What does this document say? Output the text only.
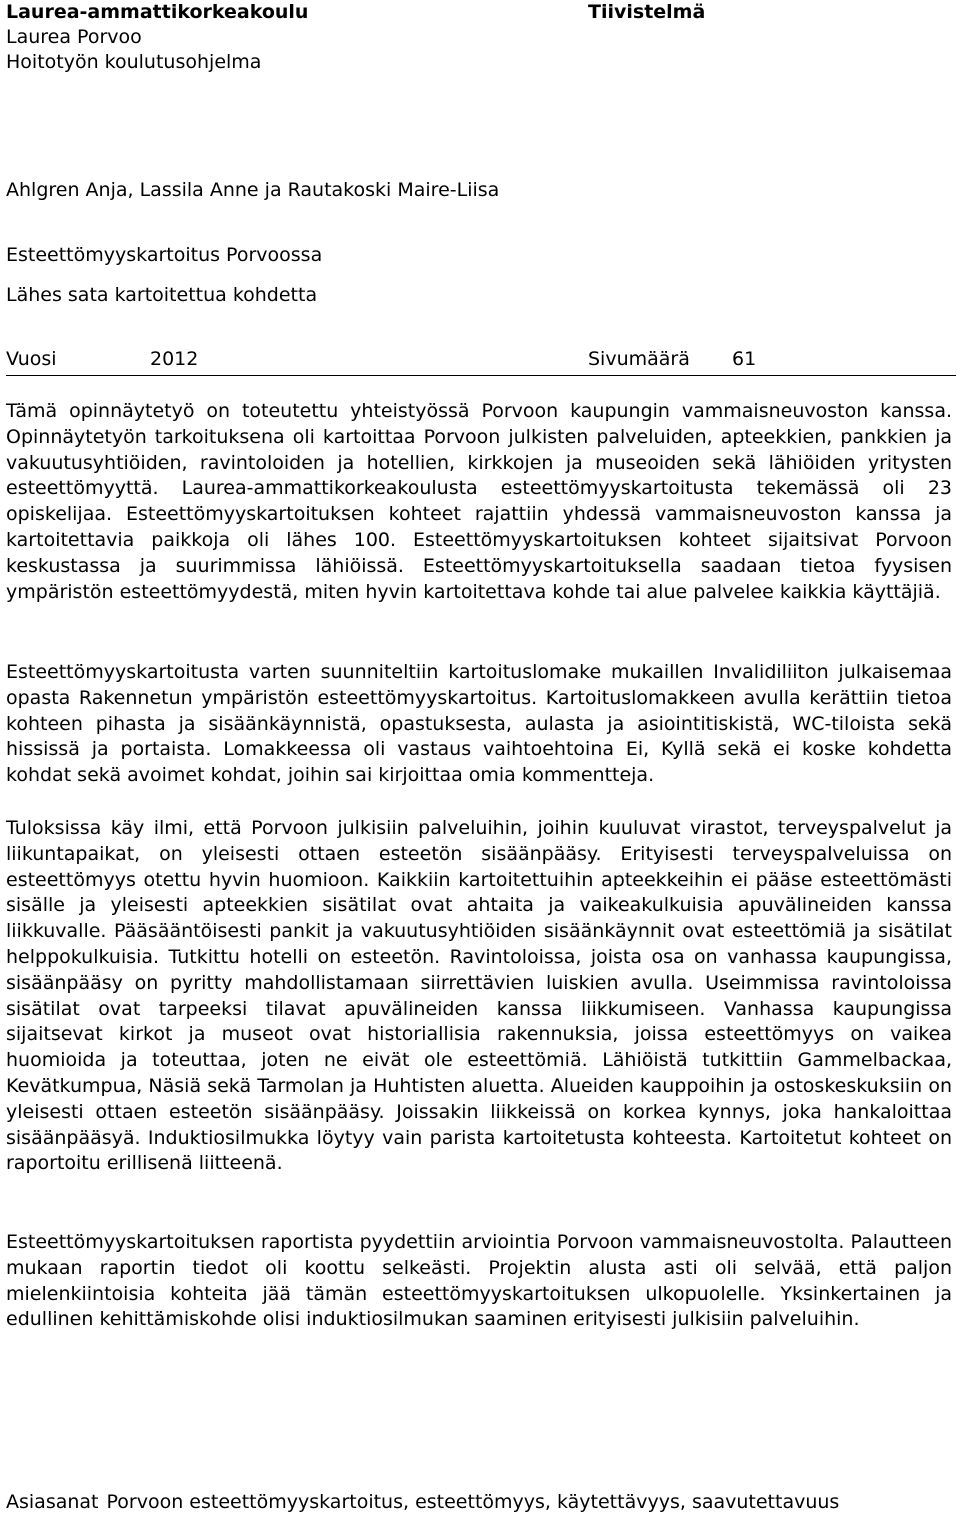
Laurea-ammattikorkeakoulu
Laurea Porvoo
Hoitotyön koulutusohjelma
Tiivistelmä
Ahlgren Anja, Lassila Anne ja Rautakoski Maire-Liisa
Esteettömyyskartoitus Porvoossa
Lähes sata kartoitettua kohdetta
Vuosi	2012	Sivumäärä 61

Tämä opinnäytetyö on toteutettu yhteistyössä Porvoon kaupungin vammaisneuvoston kanssa. Opinnäytetyön tarkoituksena oli kartoittaa Porvoon julkisten palveluiden, apteekkien, pankkien ja vakuutusyhtiöiden, ravintoloiden ja hotellien, kirkkojen ja museoiden sekä lähiöiden yritysten esteettömyyttä. Laurea-ammattikorkeakoulusta esteettömyyskartoitusta tekemässä oli 23 opiskelijaa. Esteettömyyskartoituksen kohteet rajattiin yhdessä vammaisneuvoston kanssa ja kartoitettavia paikkoja oli lähes 100. Esteettömyyskartoituksen kohteet sijaitsivat Porvoon keskustassa ja suurimmissa lähiöissä. Esteettömyyskartoituksella saadaan tietoa fyysisen ympäristön esteettömyydestä, miten hyvin kartoitettava kohde tai alue palvelee kaikkia käyttäjiä.

Esteettömyyskartoitusta varten suunniteltiin kartoituslomake mukaillen Invalidiliiton julkaisemaa opasta Rakennetun ympäristön esteettömyyskartoitus. Kartoituslomakkeen avulla kerättiin tietoa kohteen pihasta ja sisäänkäynnistä, opastuksesta, aulasta ja asiointitiskistä, WC-tiloista sekä hississä ja portaista. Lomakkeessa oli vastaus vaihtoehtoina Ei, Kyllä sekä ei koske kohdetta kohdat sekä avoimet kohdat, joihin sai kirjoittaa omia kommentteja.

Tuloksissa käy ilmi, että Porvoon julkisiin palveluihin, joihin kuuluvat virastot, terveyspalvelut ja liikuntapaikat, on yleisesti ottaen esteetön sisäänpääsy. Erityisesti terveyspalveluissa on esteettömyys otettu hyvin huomioon. Kaikkiin kartoitettuihin apteekkeihin ei pääse esteettömästi sisälle ja yleisesti apteekkien sisätilat ovat ahtaita ja vaikeakulkuisia apuvälineiden kanssa liikkuvalle. Pääsääntöisesti pankit ja vakuutusyhtiöiden sisäänkäynnit ovat esteettömiä ja sisätilat helppokulkuisia. Tutkittu hotelli on esteetön. Ravintoloissa, joista osa on vanhassa kaupungissa, sisäänpääsy on pyritty mahdollistamaan siirrettävien luiskien avulla. Useimmissa ravintoloissa sisätilat ovat tarpeeksi tilavat apuvälineiden kanssa liikkumiseen. Vanhassa kaupungissa sijaitsevat kirkot ja museot ovat historiallisia rakennuksia, joissa esteettömyys on vaikea huomioida ja toteuttaa, joten ne eivät ole esteettömiä. Lähiöistä tutkittiin Gammelbackaa, Kevätkumpua, Näsiä sekä Tarmolan ja Huhtisten aluetta. Alueiden kauppoihin ja ostoskeskuksiin on yleisesti ottaen esteetön sisäänpääsy. Joissakin liikkeissä on korkea kynnys, joka hankaloittaa sisäänpääsyä. Induktiosilmukka löytyy vain parista kartoitetusta kohteesta. Kartoitetut kohteet on raportoitu erillisenä liitteenä.

Esteettömyyskartoituksen raportista pyydettiin arviointia Porvoon vammaisneuvostolta. Palautteen mukaan raportin tiedot oli koottu selkeästi. Projektin alusta asti oli selvää, että paljon mielenkiintoisia kohteita jää tämän esteettömyyskartoituksen ulkopuolelle. Yksinkertainen ja edullinen kehittämiskohde olisi induktiosilmukan saaminen erityisesti julkisiin palveluihin.

Asiasanat Porvoon esteettömyyskartoitus, esteettömyys, käytettävyys, saavutettavuus
